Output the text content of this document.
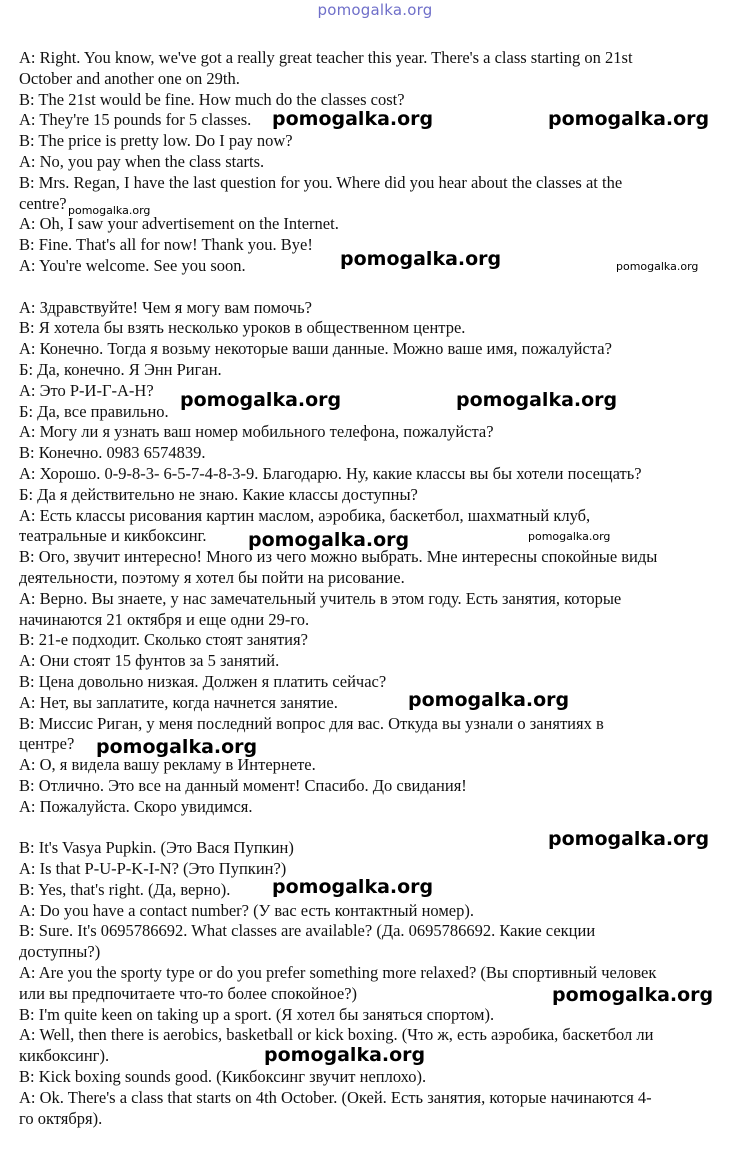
pomogalka.org
A: Right. You know, we've got a really great teacher this year. There's a class starting on 21st
October and another one on 29th.
B: The 21st would be fine. How much do the classes cost?
A: They're 15 pounds for 5 classes.
B: The price is pretty low. Do I pay now?
A: No, you pay when the class starts.
B: Mrs. Regan, I have the last question for you. Where did you hear about the classes at the
centre?
A: Oh, I saw your advertisement on the Internet.
B: Fine. That's all for now! Thank you. Bye!
A: You're welcome. See you soon.
А: Здравствуйте! Чем я могу вам помочь?
В: Я хотела бы взять несколько уроков в общественном центре.
А: Конечно. Тогда я возьму некоторые ваши данные. Можно ваше имя, пожалуйста?
Б: Да, конечно. Я Энн Риган.
А: Это Р-И-Г-А-Н?
Б: Да, все правильно.
А: Могу ли я узнать ваш номер мобильного телефона, пожалуйста?
В: Конечно. 0983 6574839.
А: Хорошо. 0-9-8-3- 6-5-7-4-8-3-9. Благодарю. Ну, какие классы вы бы хотели посещать?
Б: Да я действительно не знаю. Какие классы доступны?
А: Есть классы рисования картин маслом, аэробика, баскетбол, шахматный клуб,
театральные и кикбоксинг.
В: Ого, звучит интересно! Много из чего можно выбрать. Мне интересны спокойные виды
деятельности, поэтому я хотел бы пойти на рисование.
А: Верно. Вы знаете, у нас замечательный учитель в этом году. Есть занятия, которые
начинаются 21 октября и еще одни 29-го.
В: 21-е подходит. Сколько стоят занятия?
А: Они стоят 15 фунтов за 5 занятий.
В: Цена довольно низкая. Должен я платить сейчас?
А: Нет, вы заплатите, когда начнется занятие.
В: Миссис Риган, у меня последний вопрос для вас. Откуда вы узнали о занятиях в
центре?
А: О, я видела вашу рекламу в Интернете.
В: Отлично. Это все на данный момент! Спасибо. До свидания!
А: Пожалуйста. Скоро увидимся.
B: It's Vasya Pupkin. (Это Вася Пупкин)
A: Is that P-U-P-K-I-N? (Это Пупкин?)
B: Yes, that's right. (Да, верно).
A: Do you have a contact number? (У вас есть контактный номер).
B: Sure. It's 0695786692. What classes are available? (Да. 0695786692. Какие секции
доступны?)
A: Are you the sporty type or do you prefer something more relaxed? (Вы спортивный человек
или вы предпочитаете что-то более спокойное?)
B: I'm quite keen on taking up a sport. (Я хотел бы заняться спортом).
A: Well, then there is aerobics, basketball or kick boxing. (Что ж, есть аэробика, баскетбол ли
кикбоксинг).
B: Kick boxing sounds good. (Кикбоксинг звучит неплохо).
A: Ok. There's a class that starts on 4th October. (Окей. Есть занятия, которые начинаются 4-
го октября).
pomogalka.org	pomogalka.org
pomogalka.org
pomogalka.org	pomogalka.org
pomogalka.org	pomogalka.org
pomogalka.org	pomogalka.org
pomogalka.org
pomogalka.org
pomogalka.org
pomogalka.org
pomogalka.org
pomogalka.org
